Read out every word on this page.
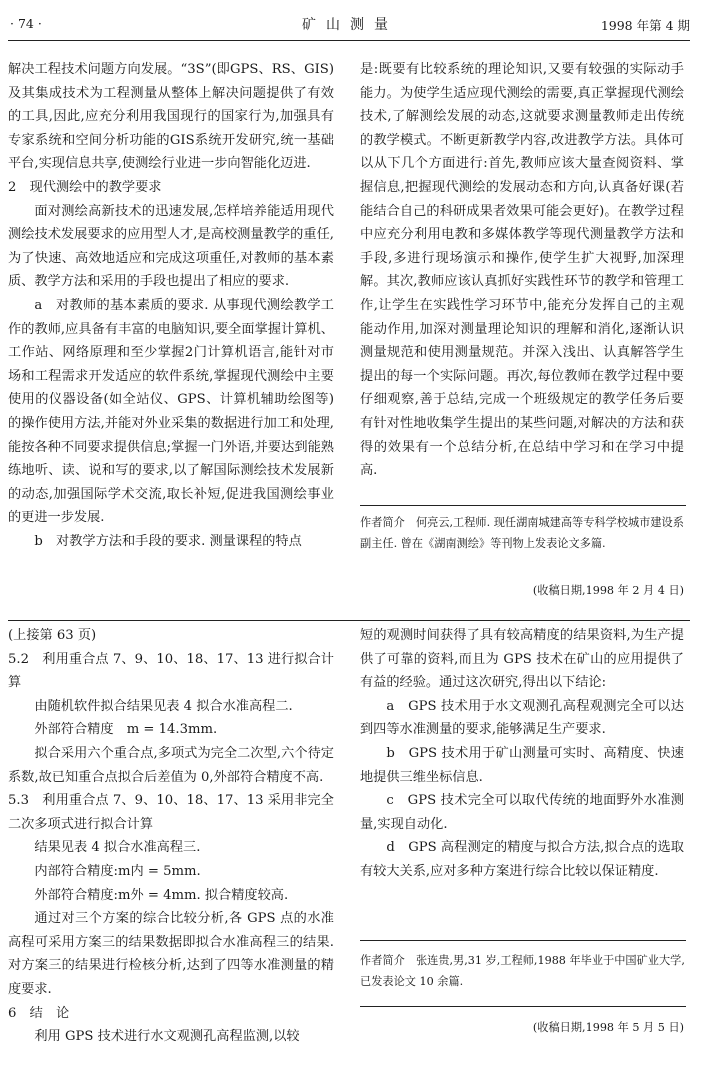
· 74 ·	矿山测量	1998 年第 4 期

解决工程技术问题方向发展。“3S”(即GPS、RS、GIS)及其集成技术为工程测量从整体上解决问题提供了有效的工具,因此,应充分利用我国现行的国家行为,加强具有专家系统和空间分析功能的GIS系统开发研究,统一基础平台,实现信息共享,使测绘行业进一步向智能化迈进.

2　现代测绘中的教学要求

面对测绘高新技术的迅速发展,怎样培养能适用现代测绘技术发展要求的应用型人才,是高校测量教学的重任,为了快速、高效地适应和完成这项重任,对教师的基本素质、教学方法和采用的手段也提出了相应的要求.

a　对教师的基本素质的要求. 从事现代测绘教学工作的教师,应具备有丰富的电脑知识,要全面掌握计算机、工作站、网络原理和至少掌握2门计算机语言,能针对市场和工程需求开发适应的软件系统,掌握现代测绘中主要使用的仪器设备(如全站仪、GPS、计算机辅助绘图等)的操作使用方法,并能对外业采集的数据进行加工和处理,能按各种不同要求提供信息;掌握一门外语,并要达到能熟练地听、读、说和写的要求,以了解国际测绘技术发展新的动态,加强国际学术交流,取长补短,促进我国测绘事业的更进一步发展.

b　对教学方法和手段的要求. 测量课程的特点

是:既要有比较系统的理论知识,又要有较强的实际动手能力。为使学生适应现代测绘的需要,真正掌握现代测绘技术,了解测绘发展的动态,这就要求测量教师走出传统的教学模式。不断更新教学内容,改进教学方法。具体可以从下几个方面进行:首先,教师应该大量查阅资料、掌握信息,把握现代测绘的发展动态和方向,认真备好课(若能结合自己的科研成果者效果可能会更好)。在教学过程中应充分利用电教和多媒体教学等现代测量教学方法和手段,多进行现场演示和操作,使学生扩大视野,加深理解。其次,教师应该认真抓好实践性环节的教学和管理工作,让学生在实践性学习环节中,能充分发挥自己的主观能动作用,加深对测量理论知识的理解和消化,逐渐认识测量规范和使用测量规范。并深入浅出、认真解答学生提出的每一个实际问题。再次,每位教师在教学过程中要仔细观察,善于总结,完成一个班级规定的教学任务后要有针对性地收集学生提出的某些问题,对解决的方法和获得的效果有一个总结分析,在总结中学习和在学习中提高.

作者简介　何亮云,工程师. 现任湖南城建高等专科学校城市建设系副主任. 曾在《湖南测绘》等刊物上发表论文多篇.
(收稿日期,1998 年 2 月 4 日)

(上接第 63 页)

5.2　利用重合点 7、9、10、18、17、13 进行拟合计算

由随机软件拟合结果见表 4 拟合水准高程二.

外部符合精度　m = 14.3mm.

拟合采用六个重合点,多项式为完全二次型,六个待定系数,故已知重合点拟合后差值为 0,外部符合精度不高.

5.3　利用重合点 7、9、10、18、17、13 采用非完全二次多项式进行拟合计算

结果见表 4 拟合水准高程三.

内部符合精度:m内 = 5mm.

外部符合精度:m外 = 4mm. 拟合精度较高.

通过对三个方案的综合比较分析,各 GPS 点的水准高程可采用方案三的结果数据即拟合水准高程三的结果. 对方案三的结果进行检核分析,达到了四等水准测量的精度要求.

6　结　论

利用 GPS 技术进行水文观测孔高程监测,以较

短的观测时间获得了具有较高精度的结果资料,为生产提供了可靠的资料,而且为 GPS 技术在矿山的应用提供了有益的经验。通过这次研究,得出以下结论:

a　GPS 技术用于水文观测孔高程观测完全可以达到四等水准测量的要求,能够满足生产要求.

b　GPS 技术用于矿山测量可实时、高精度、快速地提供三维坐标信息.

c　GPS 技术完全可以取代传统的地面野外水准测量,实现自动化.

d　GPS 高程测定的精度与拟合方法,拟合点的选取有较大关系,应对多种方案进行综合比较以保证精度.

作者简介　张连贵,男,31 岁,工程师,1988 年毕业于中国矿业大学,已发表论文 10 余篇.
(收稿日期,1998 年 5 月 5 日)
